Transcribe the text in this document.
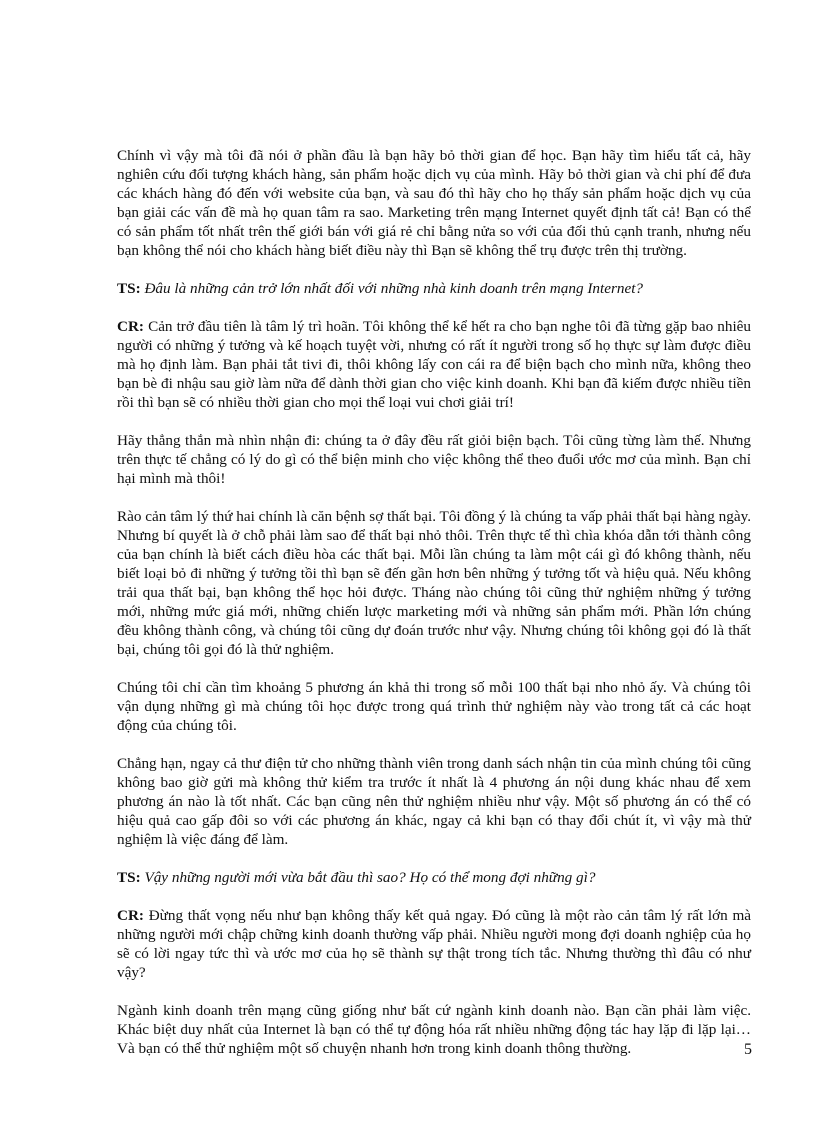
Chính vì vậy mà tôi đã nói ở phần đầu là bạn hãy bỏ thời gian để học. Bạn hãy tìm hiểu tất cả, hãy nghiên cứu đối tượng khách hàng, sản phẩm hoặc dịch vụ của mình. Hãy bỏ thời gian và chi phí để đưa các khách hàng đó đến với website của bạn, và sau đó thì hãy cho họ thấy sản phẩm hoặc dịch vụ của bạn giải các vấn đề mà họ quan tâm ra sao. Marketing trên mạng Internet quyết định tất cả! Bạn có thể có sản phẩm tốt nhất trên thế giới bán với giá rẻ chỉ bằng nửa so với của đối thủ cạnh tranh, nhưng nếu bạn không thể nói cho khách hàng biết điều này thì Bạn sẽ không thể trụ được trên thị trường.

TS: Đâu là những cản trở lớn nhất đối với những nhà kinh doanh trên mạng Internet?

CR: Cản trở đầu tiên là tâm lý trì hoãn. Tôi không thể kể hết ra cho bạn nghe tôi đã từng gặp bao nhiêu người có những ý tưởng và kế hoạch tuyệt vời, nhưng có rất ít người trong số họ thực sự làm được điều mà họ định làm. Bạn phải tắt tivi đi, thôi không lấy con cái ra để biện bạch cho mình nữa, không theo bạn bè đi nhậu sau giờ làm nữa để dành thời gian cho việc kinh doanh. Khi bạn đã kiếm được nhiều tiền rồi thì bạn sẽ có nhiều thời gian cho mọi thể loại vui chơi giải trí!

Hãy thẳng thắn mà nhìn nhận đi: chúng ta ở đây đều rất giỏi biện bạch. Tôi cũng từng làm thế. Nhưng trên thực tế chẳng có lý do gì có thể biện minh cho việc không thể theo đuổi ước mơ của mình. Bạn chỉ hại mình mà thôi!

Rào cản tâm lý thứ hai chính là căn bệnh sợ thất bại. Tôi đồng ý là chúng ta vấp phải thất bại hàng ngày. Nhưng bí quyết là ở chỗ phải làm sao để thất bại nhỏ thôi. Trên thực tế thì chìa khóa dẫn tới thành công của bạn chính là biết cách điều hòa các thất bại. Mỗi lần chúng ta làm một cái gì đó không thành, nếu biết loại bỏ đi những ý tưởng tồi thì bạn sẽ đến gần hơn bên những ý tưởng tốt và hiệu quả. Nếu không trải qua thất bại, bạn không thể học hỏi được. Tháng nào chúng tôi cũng thử nghiệm những ý tưởng mới, những mức giá mới, những chiến lược marketing mới và những sản phẩm mới. Phần lớn chúng đều không thành công, và chúng tôi cũng dự đoán trước như vậy. Nhưng chúng tôi không gọi đó là thất bại, chúng tôi gọi đó là thử nghiệm.

Chúng tôi chỉ cần tìm khoảng 5 phương án khả thi trong số mỗi 100 thất bại nho nhỏ ấy. Và chúng tôi vận dụng những gì mà chúng tôi học được trong quá trình thử nghiệm này vào trong tất cả các hoạt động của chúng tôi.

Chẳng hạn, ngay cả thư điện tử cho những thành viên trong danh sách nhận tin của mình chúng tôi cũng không bao giờ gửi mà không thử kiểm tra trước ít nhất là 4 phương án nội dung khác nhau để xem phương án nào là tốt nhất. Các bạn cũng nên thử nghiệm nhiều như vậy. Một số phương án có thể có hiệu quả cao gấp đôi so với các phương án khác, ngay cả khi bạn có thay đổi chút ít, vì vậy mà thử nghiệm là việc đáng để làm.

TS: Vậy những người mới vừa bắt đầu thì sao? Họ có thể mong đợi những gì?

CR: Đừng thất vọng nếu như bạn không thấy kết quả ngay. Đó cũng là một rào cản tâm lý rất lớn mà những người mới chập chững kinh doanh thường vấp phải. Nhiều người mong đợi doanh nghiệp của họ sẽ có lời ngay tức thì và ước mơ của họ sẽ thành sự thật trong tích tắc. Nhưng thường thì đâu có như vậy?

Ngành kinh doanh trên mạng cũng giống như bất cứ ngành kinh doanh nào. Bạn cần phải làm việc. Khác biệt duy nhất của Internet là bạn có thể tự động hóa rất nhiều những động tác hay lặp đi lặp lại… Và bạn có thể thử nghiệm một số chuyện nhanh hơn trong kinh doanh thông thường.	5
